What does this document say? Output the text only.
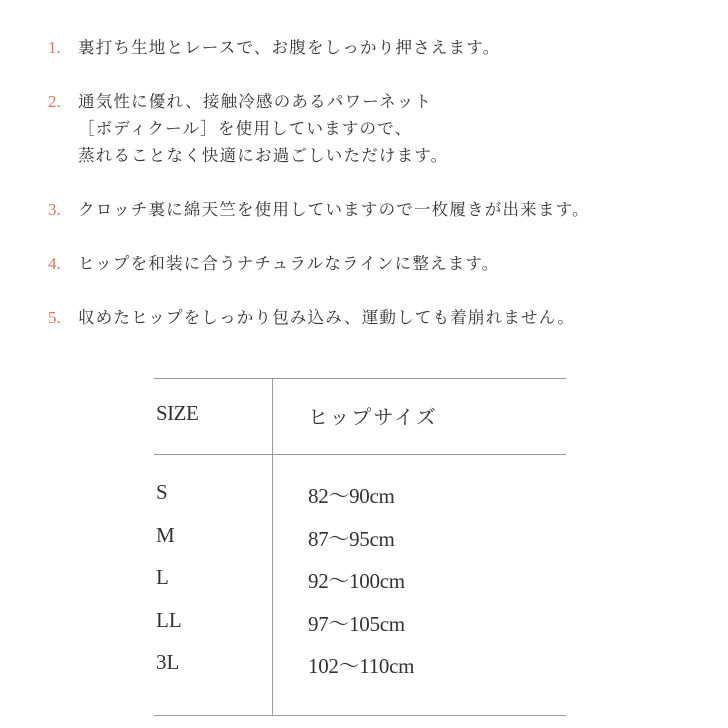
1.	裏打ち生地とレースで、お腹をしっかり押さえます。
2.	通気性に優れ、接触冷感のあるパワーネット
［ボディクール］を使用していますので、
蒸れることなく快適にお過ごしいただけます。
3.	クロッチ裏に綿天竺を使用していますので一枚履きが出来ます。
4.	ヒップを和装に合うナチュラルなラインに整えます。
5.	収めたヒップをしっかり包み込み、運動しても着崩れません。
SIZE	ヒップサイズ
S	82〜90cm
M	87〜95cm
L	92〜100cm
LL	97〜105cm
3L	102〜110cm
